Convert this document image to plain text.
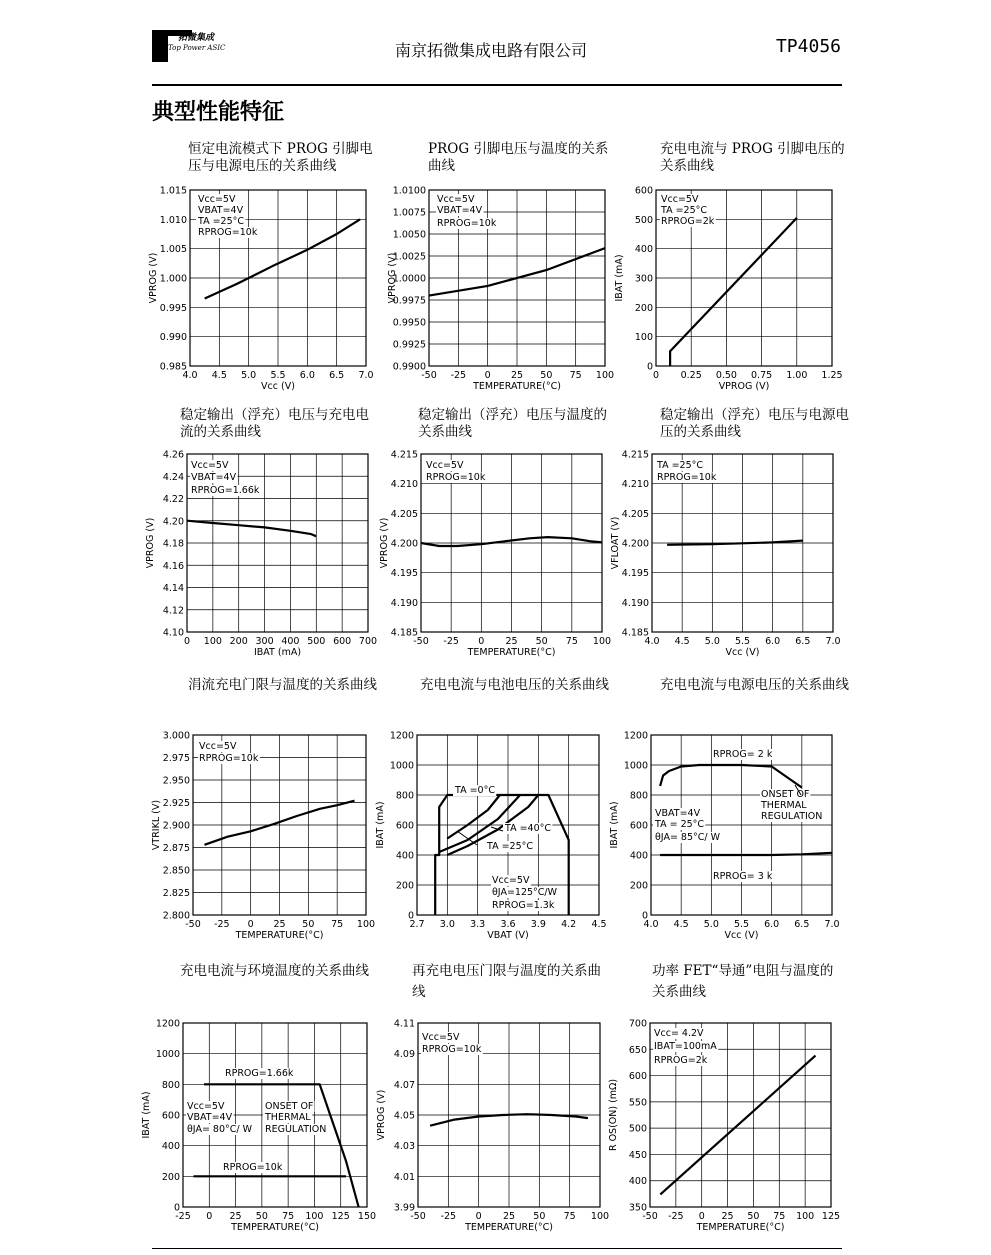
拓微集成
Top Power ASIC	南京拓微集成电路有限公司	TP4056
典型性能特征
恒定电流模式下 PROG 引脚电压与电源电压的关系曲线
PROG 引脚电压与温度的关系曲线
充电电流与 PROG 引脚电压的关系曲线
稳定输出（浮充）电压与充电电流的关系曲线
稳定输出（浮充）电压与温度的关系曲线
稳定输出（浮充）电压与电源电压的关系曲线
涓流充电门限与温度的关系曲线	充电电流与电池电压的关系曲线	充电电流与电源电压的关系曲线
充电电流与环境温度的关系曲线	再充电电压门限与温度的关系曲线
功率 FET“导通”电阻与温度的关系曲线
4.0 4.5 5.0 5.5 6.0 6.5 7.0
0.985
0.990
0.995
1.000
1.005
1.010
1.015
Vcc (V)
VPROG (V)
Vcc=5V
VBAT=4V
TA =25°C
RPROG=10k
-50 -25 0 25 50 75 100
0.9900
0.9925
0.9950
0.9975
1.0000
1.0025
1.0050
1.0075
1.0100
TEMPERATURE(°C)
VPROG (V)
Vcc=5V
VBAT=4V
RPROG=10k
0 0.25 0.50 0.75 1.00 1.25
0
100
200
300
400
500
600
VPROG (V)
IBAT (mA)
Vcc=5V
TA =25°C
RPROG=2k
0 100 200 300 400 500 600 700
4.10
4.12
4.14
4.16
4.18
4.20
4.22
4.24
4.26
IBAT (mA)
VPROG (V)
Vcc=5V
VBAT=4V
RPROG=1.66k
-50 -25 0 25 50 75 100
4.185
4.190
4.195
4.200
4.205
4.210
4.215
TEMPERATURE(°C)
VPROG (V)
Vcc=5V
RPROG=10k
4.0 4.5 5.0 5.5 6.0 6.5 7.0
4.185
4.190
4.195
4.200
4.205
4.210
4.215
Vcc (V)
VFLOAT (V)
TA =25°C
RPROG=10k
-50 -25 0 25 50 75 100
2.800
2.825
2.850
2.875
2.900
2.925
2.950
2.975
3.000
TEMPERATURE(°C)
VTRIKL (V)
Vcc=5V
RPROG=10k
2.7 3.0 3.3 3.6 3.9 4.2 4.5
0
200
400
600
800
1000
1200
VBAT (V)
IBAT (mA)
TA =0°C
TA =40°C
TA =25°C
Vcc=5V
θJA=125°C/W
RPROG=1.3k
4.0 4.5 5.0 5.5 6.0 6.5 7.0
0
200
400
600
800
1000
1200
Vcc (V)
IBAT (mA)
RPROG= 2 k
ONSET OF
THERMAL
REGULATION
VBAT=4V
TA = 25°C
θJA= 85°C/ W
RPROG= 3 k
-25 0 25 50 75 100 125 150
0
200
400
600
800
1000
1200
TEMPERATURE(°C)
IBAT (mA)
RPROG=1.66k
Vcc=5V
VBAT=4V
θJA= 80°C/ W
ONSET OF
THERMAL
REGULATION
RPROG=10k
-50 -25 0 25 50 75 100
3.99
4.01
4.03
4.05
4.07
4.09
4.11
TEMPERATURE(°C)
VPROG (V)
Vcc=5V
RPROG=10k
-50 -25 0 25 50 75 100 125
350
400
450
500
550
600
650
700
TEMPERATURE(°C)
R OS(ON) (mΩ)
Vcc= 4.2V
IBAT=100mA
RPROG=2k
